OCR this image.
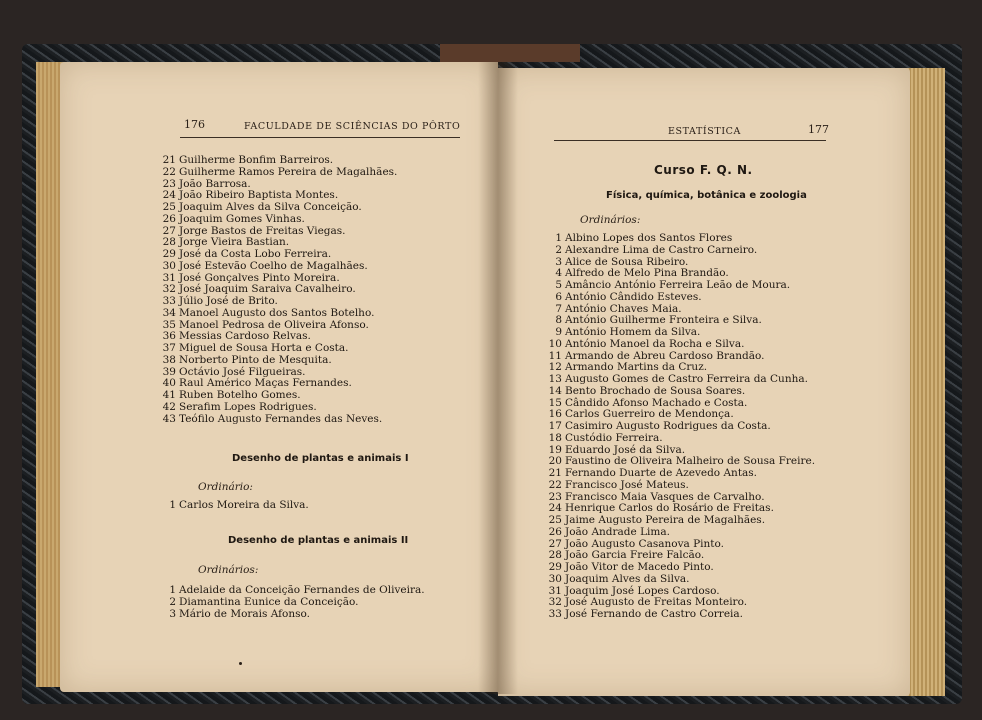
176	FACULDADE DE SCIÊNCIAS DO PÔRTO
21 Guilherme Bonfim Barreiros.
22 Guilherme Ramos Pereira de Magalhães.
23 João Barrosa.
24 João Ribeiro Baptista Montes.
25 Joaquim Alves da Silva Conceição.
26 Joaquim Gomes Vinhas.
27 Jorge Bastos de Freitas Viegas.
28 Jorge Vieira Bastian.
29 José da Costa Lobo Ferreira.
30 José Estevão Coelho de Magalhães.
31 José Gonçalves Pinto Moreira.
32 José Joaquim Saraiva Cavalheiro.
33 Júlio José de Brito.
34 Manoel Augusto dos Santos Botelho.
35 Manoel Pedrosa de Oliveira Afonso.
36 Messias Cardoso Relvas.
37 Miguel de Sousa Horta e Costa.
38 Norberto Pinto de Mesquita.
39 Octávio José Filgueiras.
40 Raul Américo Maças Fernandes.
41 Ruben Botelho Gomes.
42 Serafim Lopes Rodrigues.
43 Teófilo Augusto Fernandes das Neves.
Desenho de plantas e animais I
Ordinário:
1 Carlos Moreira da Silva.
Desenho de plantas e animais II
Ordinários:
1 Adelaide da Conceição Fernandes de Oliveira.
2 Diamantina Eunice da Conceição.
3 Mário de Morais Afonso.
ESTATÍSTICA	177
Curso F. Q. N.
Física, química, botânica e zoologia
Ordinários:
1 Albino Lopes dos Santos Flores
2 Alexandre Lima de Castro Carneiro.
3 Alice de Sousa Ribeiro.
4 Alfredo de Melo Pina Brandão.
5 Amâncio António Ferreira Leão de Moura.
6 António Cândido Esteves.
7 António Chaves Maia.
8 António Guilherme Fronteira e Silva.
9 António Homem da Silva.
10 António Manoel da Rocha e Silva.
11 Armando de Abreu Cardoso Brandão.
12 Armando Martins da Cruz.
13 Augusto Gomes de Castro Ferreira da Cunha.
14 Bento Brochado de Sousa Soares.
15 Cândido Afonso Machado e Costa.
16 Carlos Guerreiro de Mendonça.
17 Casimiro Augusto Rodrigues da Costa.
18 Custódio Ferreira.
19 Eduardo José da Silva.
20 Faustino de Oliveira Malheiro de Sousa Freire.
21 Fernando Duarte de Azevedo Antas.
22 Francisco José Mateus.
23 Francisco Maia Vasques de Carvalho.
24 Henrique Carlos do Rosário de Freitas.
25 Jaime Augusto Pereira de Magalhães.
26 João Andrade Lima.
27 João Augusto Casanova Pinto.
28 João Garcia Freire Falcão.
29 João Vitor de Macedo Pinto.
30 Joaquim Alves da Silva.
31 Joaquim José Lopes Cardoso.
32 José Augusto de Freitas Monteiro.
33 José Fernando de Castro Correia.
